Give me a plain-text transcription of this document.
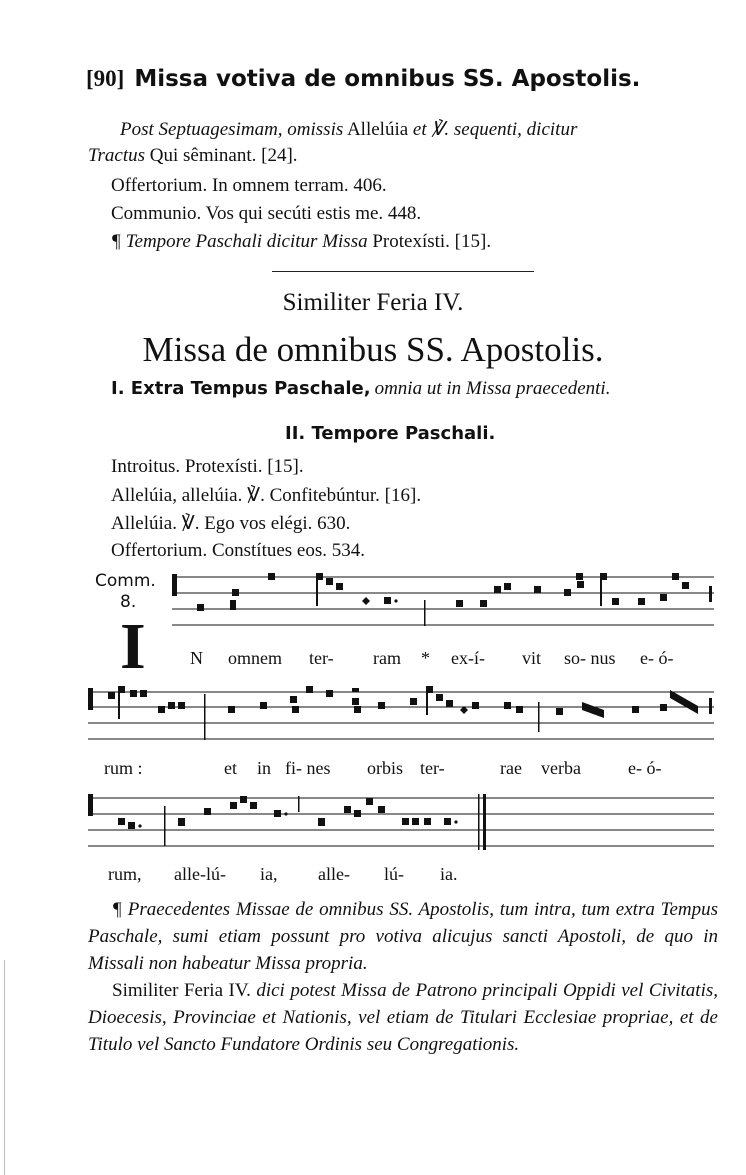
[90] Missa votiva de omnibus SS. Apostolis.
Post Septuagesimam, omissis Allelúia et ℣. sequenti, dicitur
Tractus Qui sêminant. [24].
Offertorium. In omnem terram. 406.
Communio. Vos qui secúti estis me. 448.
¶ Tempore Paschali dicitur Missa Protexísti. [15].
Similiter Feria IV.
Missa de omnibus SS. Apostolis.
I. Extra Tempus Paschale, omnia ut in Missa praecedenti.
II. Tempore Paschali.
Introitus. Protexísti. [15].
Allelúia, allelúia. ℣. Confitebúntur. [16].
Allelúia. ℣. Ego vos elégi. 630.
Offertorium. Constítues eos. 534.
Comm.
8.
I N omnem ter- ram * ex-í- vit so- nus e- ó-
rum :	et in fi- nes orbis ter-	rae verba	e- ó-
rum, alle-lú- ia, alle- lú- ia.
¶ Praecedentes Missae de omnibus SS. Apostolis, tum intra, tum extra Tempus Paschale, sumi etiam possunt pro votiva alicujus sancti Apostoli, de quo in Missali non habeatur Missa propria.
Similiter Feria IV. dici potest Missa de Patrono principali Oppidi vel Civitatis, Dioecesis, Provinciae et Nationis, vel etiam de Titulari Ecclesiae propriae, et de Titulo vel Sancto Fundatore Ordinis seu Congregationis.
